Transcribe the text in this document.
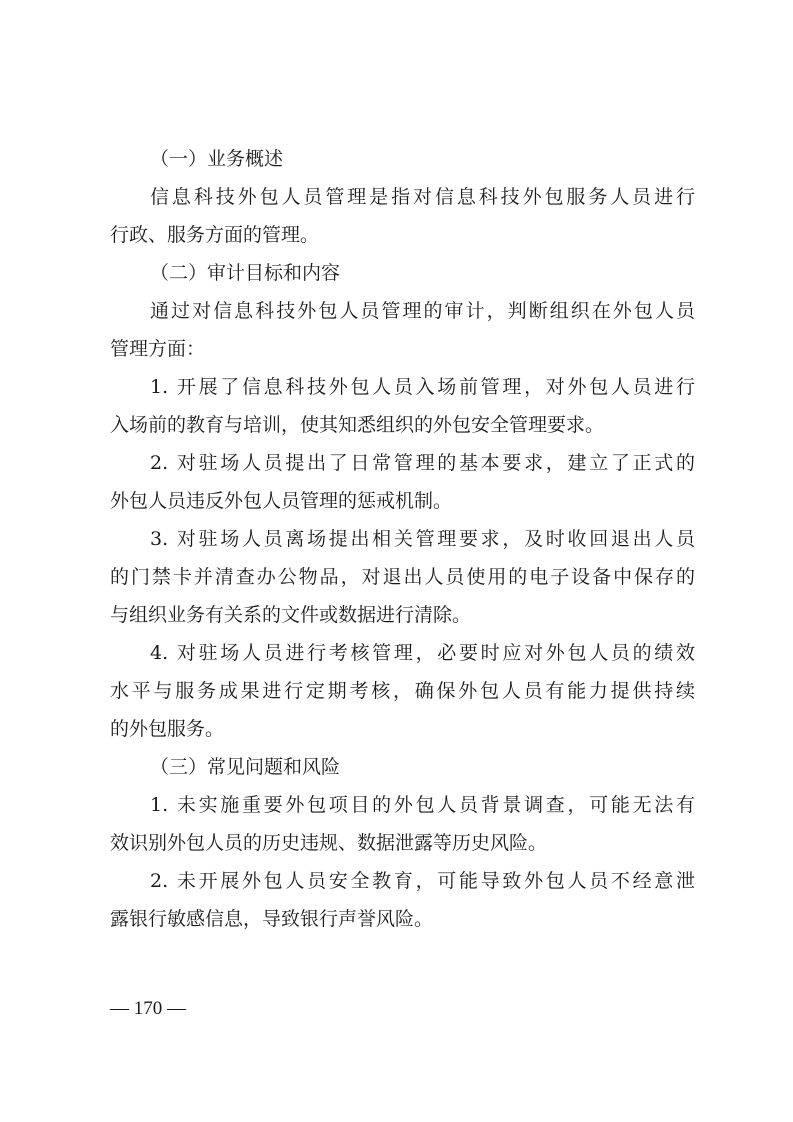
（一）业务概述

信息科技外包人员管理是指对信息科技外包服务人员进行
行政、服务方面的管理。

（二）审计目标和内容

通过对信息科技外包人员管理的审计，判断组织在外包人员
管理方面：

1. 开展了信息科技外包人员入场前管理，对外包人员进行
入场前的教育与培训，使其知悉组织的外包安全管理要求。

2. 对驻场人员提出了日常管理的基本要求，建立了正式的
外包人员违反外包人员管理的惩戒机制。

3. 对驻场人员离场提出相关管理要求，及时收回退出人员
的门禁卡并清查办公物品，对退出人员使用的电子设备中保存的
与组织业务有关系的文件或数据进行清除。

4. 对驻场人员进行考核管理，必要时应对外包人员的绩效
水平与服务成果进行定期考核，确保外包人员有能力提供持续
的外包服务。

（三）常见问题和风险

1. 未实施重要外包项目的外包人员背景调查，可能无法有
效识别外包人员的历史违规、数据泄露等历史风险。

2. 未开展外包人员安全教育，可能导致外包人员不经意泄
露银行敏感信息，导致银行声誉风险。

— 170 —
